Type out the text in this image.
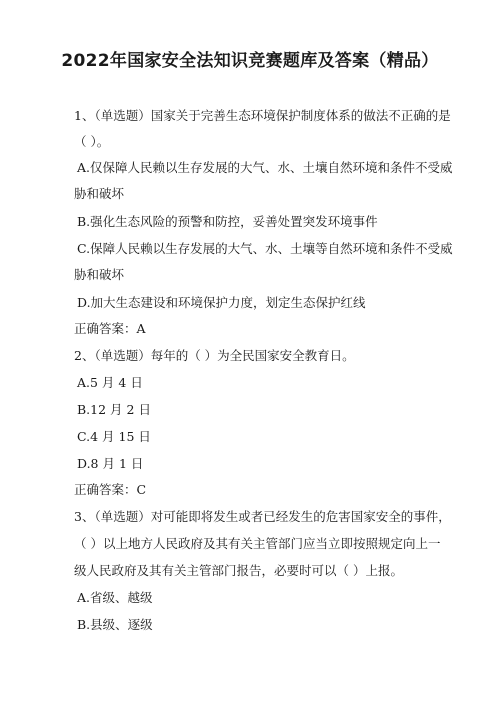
2022年国家安全法知识竞赛题库及答案（精品）
1、（单选题）国家关于完善生态环境保护制度体系的做法不正确的是
（ ）。
A.仅保障人民赖以生存发展的大气、水、土壤自然环境和条件不受威
胁和破坏
B.强化生态风险的预警和防控，妥善处置突发环境事件
C.保障人民赖以生存发展的大气、水、土壤等自然环境和条件不受威
胁和破坏
D.加大生态建设和环境保护力度，划定生态保护红线
正确答案：A
2、（单选题）每年的（ ）为全民国家安全教育日。
A.5 月 4 日
B.12 月 2 日
C.4 月 15 日
D.8 月 1 日
正确答案：C
3、（单选题）对可能即将发生或者已经发生的危害国家安全的事件，
（ ）以上地方人民政府及其有关主管部门应当立即按照规定向上一
级人民政府及其有关主管部门报告，必要时可以（ ）上报。
A.省级、越级
B.县级、逐级
